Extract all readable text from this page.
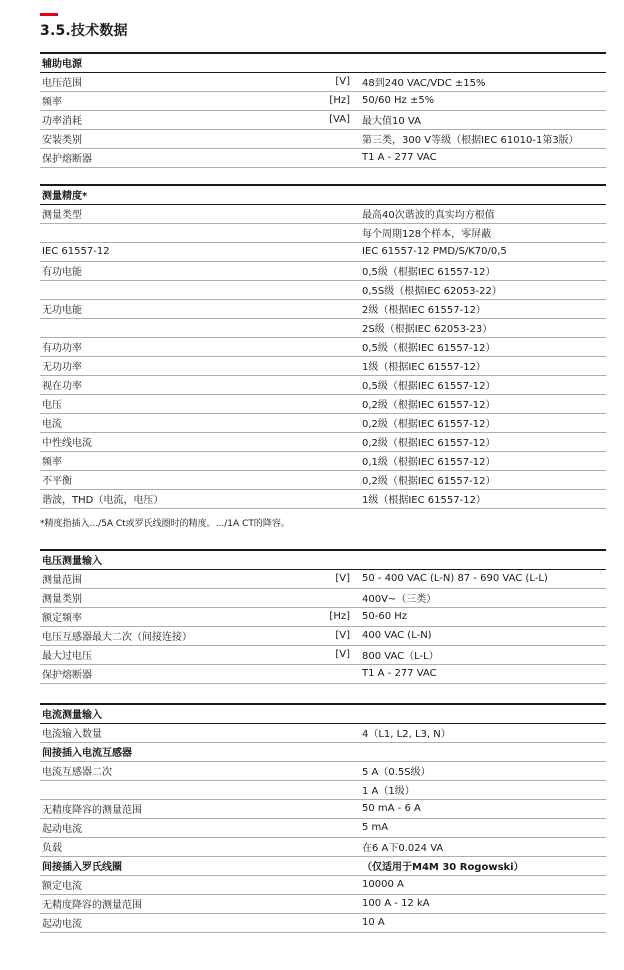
3.5.技术数据
辅助电源		
电压范围	[V]	48到240 VAC/VDC ±15%
频率	[Hz]	50/60 Hz ±5%
功率消耗	[VA]	最大值10 VA
安装类别		第三类，300 V等级（根据IEC 61010-1第3版）
保护熔断器		T1 A - 277 VAC
测量精度*		
测量类型		最高40次谐波的真实均方根值
		每个周期128个样本，零屏蔽
IEC 61557-12		IEC 61557-12 PMD/S/K70/0,5
有功电能		0,5级（根据IEC 61557-12）
		0,5S级（根据IEC 62053-22）
无功电能		2级（根据IEC 61557-12）
		2S级（根据IEC 62053-23）
有功功率		0,5级（根据IEC 61557-12）
无功功率		1级（根据IEC 61557-12）
视在功率		0,5级（根据IEC 61557-12）
电压		0,2级（根据IEC 61557-12）
电流		0,2级（根据IEC 61557-12）
中性线电流		0,2级（根据IEC 61557-12）
频率		0,1级（根据IEC 61557-12）
不平衡		0,2级（根据IEC 61557-12）
谐波，THD（电流，电压）		1级（根据IEC 61557-12）
*精度指插入.../5A Ct或罗氏线圈时的精度。.../1A CT的降容。
电压测量输入		
测量范围	[V]	50 - 400 VAC (L-N) 87 - 690 VAC (L-L)
测量类别		400V~（三类）
额定频率	[Hz]	50-60 Hz
电压互感器最大二次（间接连接）	[V]	400 VAC (L-N)
最大过电压	[V]	800 VAC（L-L）
保护熔断器		T1 A - 277 VAC
电流测量输入		
电流输入数量		4（L1, L2, L3, N）
间接插入电流互感器		
电流互感器二次		5 A（0.5S级）
		1 A（1级）
无精度降容的测量范围		50 mA - 6 A
起动电流		5 mA
负载		在6 A下0.024 VA
间接插入罗氏线圈		（仅适用于M4M 30 Rogowski）
额定电流		10000 A
无精度降容的测量范围		100 A - 12 kA
起动电流		10 A
